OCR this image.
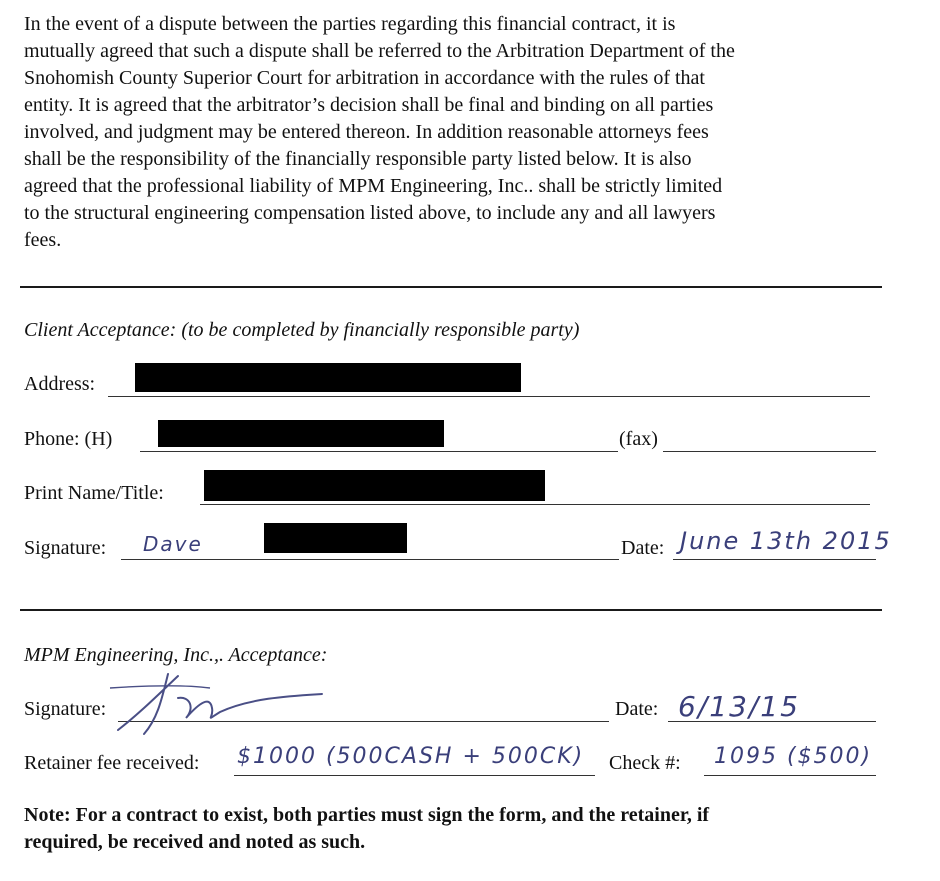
In the event of a dispute between the parties regarding this financial contract, it is
mutually agreed that such a dispute shall be referred to the Arbitration Department of the
Snohomish County Superior Court for arbitration in accordance with the rules of that
entity. It is agreed that the arbitrator’s decision shall be final and binding on all parties
involved, and judgment may be entered thereon. In addition reasonable attorneys fees
shall be the responsibility of the financially responsible party listed below. It is also
agreed that the professional liability of MPM Engineering, Inc.. shall be strictly limited
to the structural engineering compensation listed above, to include any and all lawyers
fees.
Client Acceptance: (to be completed by financially responsible party)
Address:
Phone: (H)	(fax)
Print Name/Title:
Signature: Dave	Date: June 13th 2015
MPM Engineering, Inc.,. Acceptance:
Signature:	Date: 6/13/15
Retainer fee received: $1000 (500CASH + 500CK) Check #: 1095 ($500)
Note: For a contract to exist, both parties must sign the form, and the retainer, if
required, be received and noted as such.
